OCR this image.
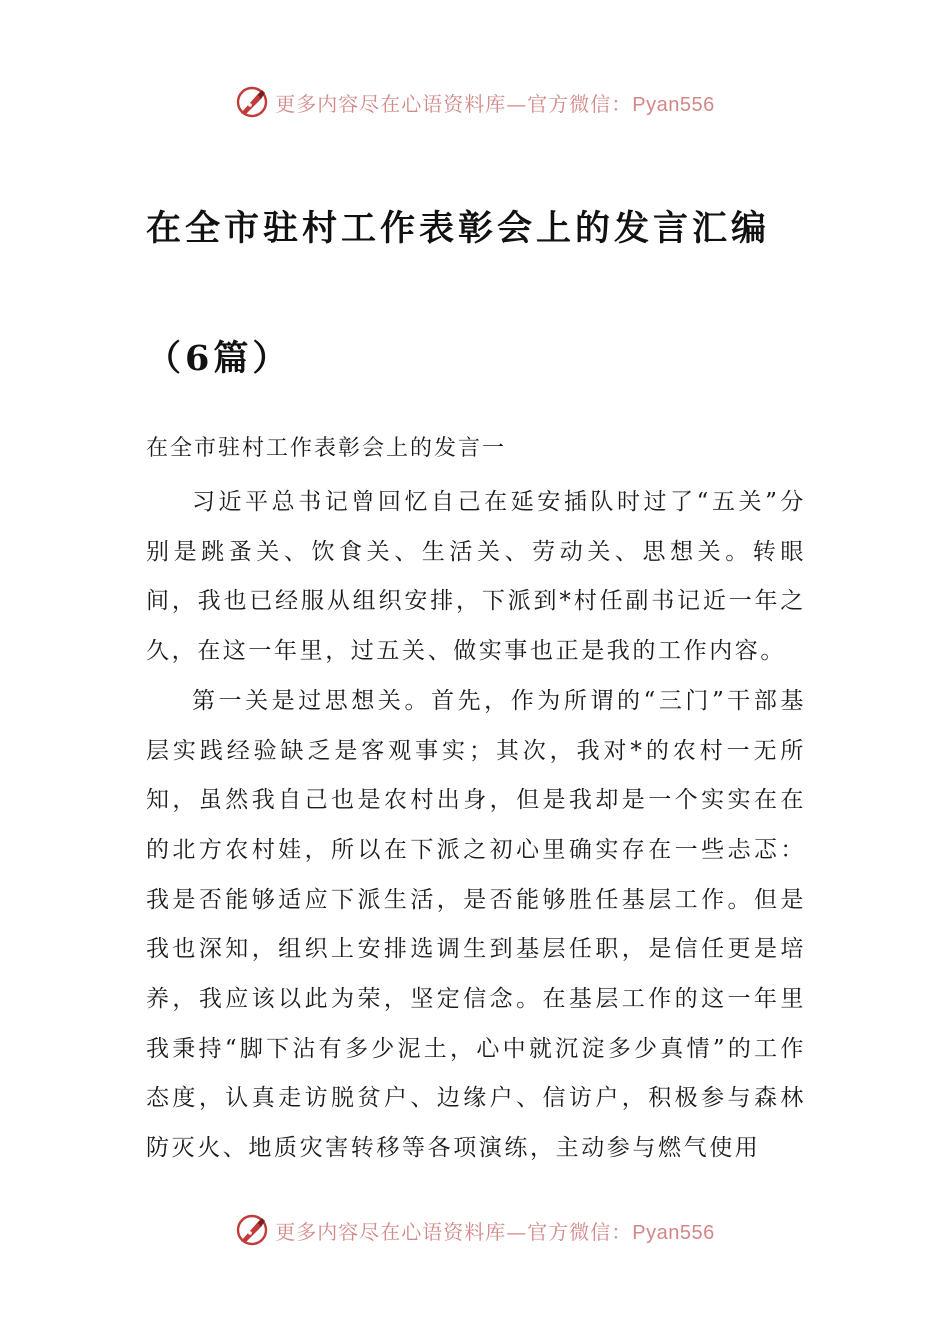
更多内容尽在心语资料库—官方微信：Pyan556
在全市驻村工作表彰会上的发言汇编（6篇）
在全市驻村工作表彰会上的发言一

习近平总书记曾回忆自己在延安插队时过了“五关”分别是跳蚤关、饮食关、生活关、劳动关、思想关。转眼间，我也已经服从组织安排，下派到*村任副书记近一年之久，在这一年里，过五关、做实事也正是我的工作内容。

第一关是过思想关。首先，作为所谓的“三门”干部基层实践经验缺乏是客观事实；其次，我对*的农村一无所知，虽然我自己也是农村出身，但是我却是一个实实在在的北方农村娃，所以在下派之初心里确实存在一些忐忑：我是否能够适应下派生活，是否能够胜任基层工作。但是我也深知，组织上安排选调生到基层任职，是信任更是培养，我应该以此为荣，坚定信念。在基层工作的这一年里我秉持“脚下沾有多少泥土，心中就沉淀多少真情”的工作态度，认真走访脱贫户、边缘户、信访户，积极参与森林防灭火、地质灾害转移等各项演练，主动参与燃气使用

更多内容尽在心语资料库—官方微信：Pyan556
